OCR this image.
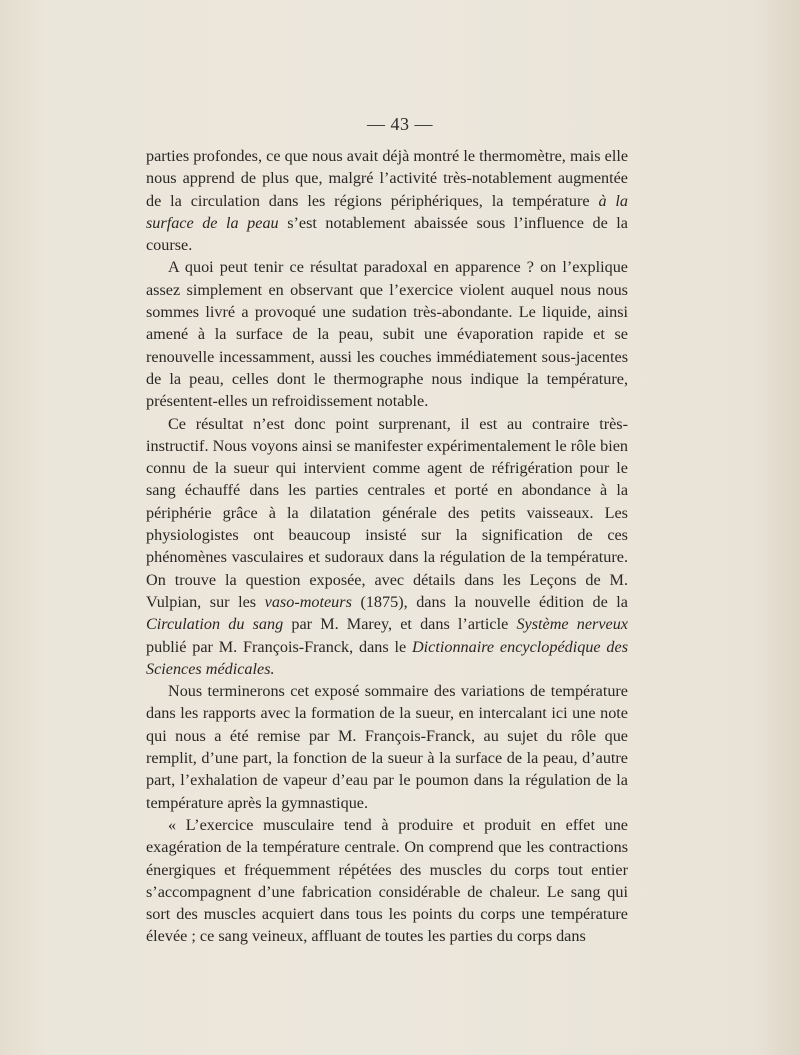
— 43 —

parties profondes, ce que nous avait déjà montré le thermomètre, mais elle nous apprend de plus que, malgré l’activité très-notablement augmentée de la circulation dans les régions périphériques, la température à la surface de la peau s’est notablement abaissée sous l’influence de la course.

A quoi peut tenir ce résultat paradoxal en apparence ? on l’explique assez simplement en observant que l’exercice violent auquel nous nous sommes livré a provoqué une sudation très-abondante. Le liquide, ainsi amené à la surface de la peau, subit une évaporation rapide et se renouvelle incessamment, aussi les couches immédiatement sous-jacentes de la peau, celles dont le thermographe nous indique la température, présentent-elles un refroidissement notable.

Ce résultat n’est donc point surprenant, il est au contraire très-instructif. Nous voyons ainsi se manifester expérimentalement le rôle bien connu de la sueur qui intervient comme agent de réfrigération pour le sang échauffé dans les parties centrales et porté en abondance à la périphérie grâce à la dilatation générale des petits vaisseaux. Les physiologistes ont beaucoup insisté sur la signification de ces phénomènes vasculaires et sudoraux dans la régulation de la température. On trouve la question exposée, avec détails dans les Leçons de M. Vulpian, sur les vaso-moteurs (1875), dans la nouvelle édition de la Circulation du sang par M. Marey, et dans l’article Système nerveux publié par M. François-Franck, dans le Dictionnaire encyclopédique des Sciences médicales.

Nous terminerons cet exposé sommaire des variations de température dans les rapports avec la formation de la sueur, en intercalant ici une note qui nous a été remise par M. François-Franck, au sujet du rôle que remplit, d’une part, la fonction de la sueur à la surface de la peau, d’autre part, l’exhalation de vapeur d’eau par le poumon dans la régulation de la température après la gymnastique.

« L’exercice musculaire tend à produire et produit en effet une exagération de la température centrale. On comprend que les contractions énergiques et fréquemment répétées des muscles du corps tout entier s’accompagnent d’une fabrication considérable de chaleur. Le sang qui sort des muscles acquiert dans tous les points du corps une température élevée ; ce sang veineux, affluant de toutes les parties du corps dans
